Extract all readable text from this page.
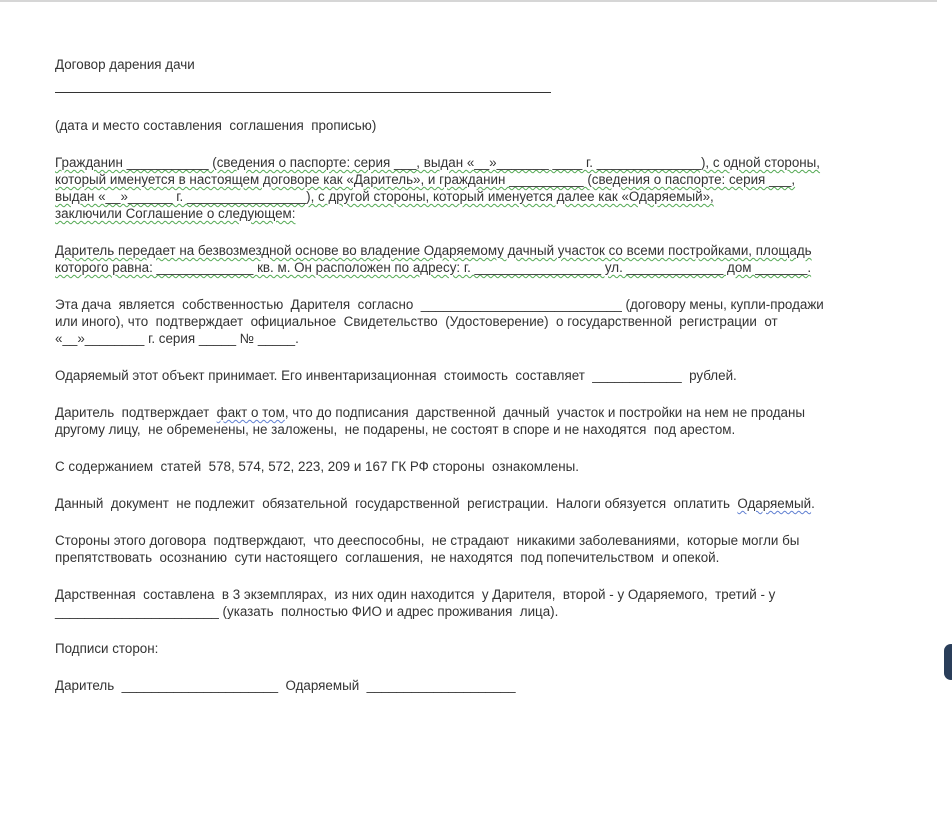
Договор дарения дачи

(дата и место составления  соглашения  прописью)

Гражданин ___________ (сведения о паспорте: серия ___, выдан «__»_______ ____ г. ______________), с одной стороны,

который именуется в настоящем договоре как «Даритель», и гражданин __________ (сведения о паспорте: серия ___,

выдан «__»______ г. ________________), с другой стороны, который именуется далее как «Одаряемый»,

заключили Соглашение о следующем:

Даритель передает на безвозмездной основе во владение Одаряемому дачный участок со всеми постройками, площадь

которого равна: _____________ кв. м. Он расположен по адресу: г. _________________ ул. _____________ дом _______.

Эта дача  является  собственностью  Дарителя  согласно  ___________________________ (договору мены, купли-продажи

или иного), что  подтверждает  официальное  Свидетельство  (Удостоверение)  о государственной  регистрации  от

«__»________ г. серия _____ № _____.

Одаряемый этот объект принимает. Его инвентаризационная  стоимость  составляет  ____________  рублей.

Даритель  подтверждает  факт о том, что до подписания  дарственной  дачный  участок и постройки на нем не проданы

другому лицу,  не обременены, не заложены,  не подарены, не состоят в споре и не находятся  под арестом.

С содержанием  статей  578, 574, 572, 223, 209 и 167 ГК РФ стороны  ознакомлены.

Данный  документ  не подлежит  обязательной  государственной  регистрации.  Налоги обязуется  оплатить  Одаряемый.

Стороны этого договора  подтверждают,  что дееспособны,  не страдают  никакими заболеваниями,  которые могли бы

препятствовать  осознанию  сути настоящего  соглашения,  не находятся  под попечительством  и опекой.

Дарственная  составлена  в 3 экземплярах,  из них один находится  у Дарителя,  второй - у Одаряемого,  третий - у

______________________ (указать  полностью ФИО и адрес проживания  лица).

Подписи сторон:

Даритель  _____________________  Одаряемый  ____________________
